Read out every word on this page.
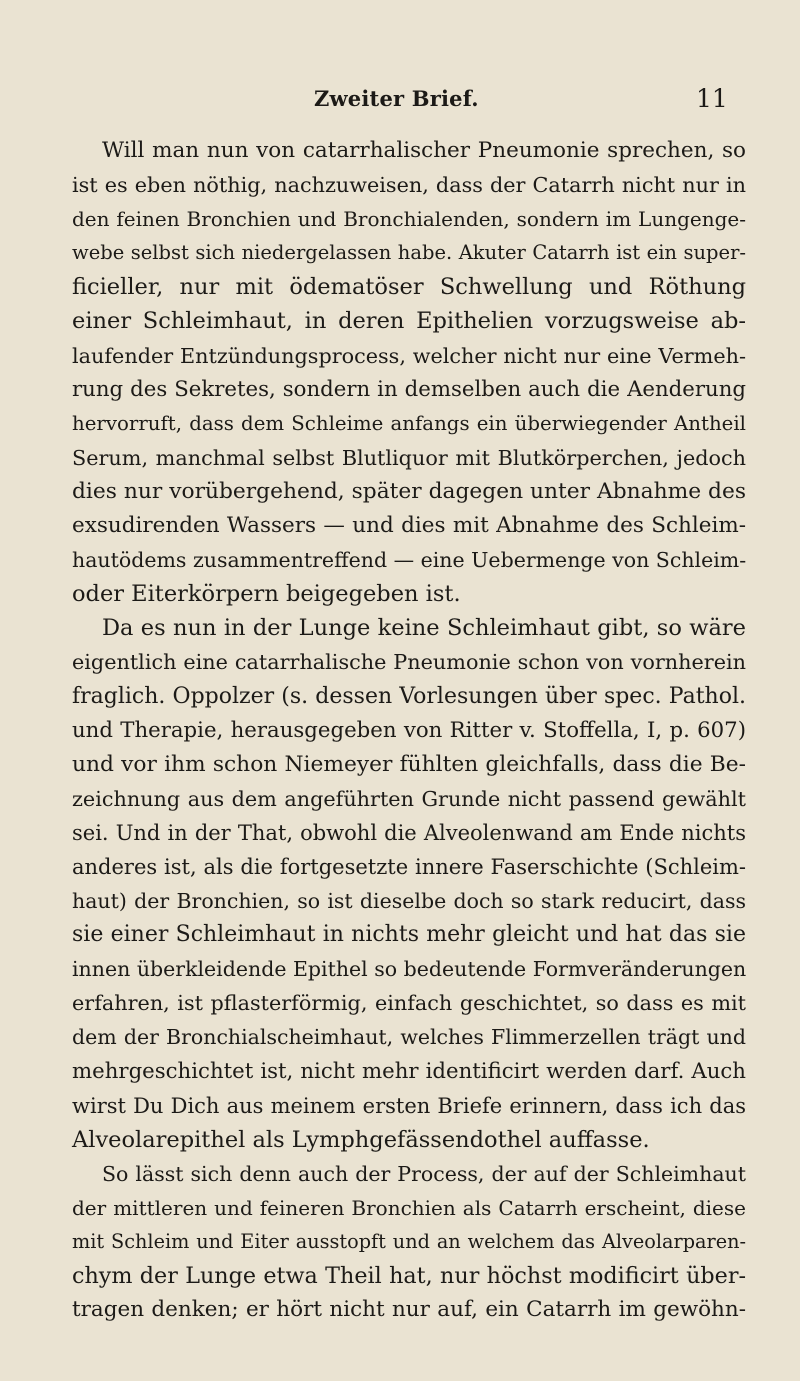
Zweiter Brief.	11
Will man nun von catarrhalischer Pneumonie sprechen, so
ist es eben nöthig, nachzuweisen, dass der Catarrh nicht nur in
den feinen Bronchien und Bronchialenden, sondern im Lungenge-
webe selbst sich niedergelassen habe. Akuter Catarrh ist ein super-
ficieller, nur mit ödematöser Schwellung und Röthung
einer Schleimhaut, in deren Epithelien vorzugsweise ab-
laufender Entzündungsprocess, welcher nicht nur eine Vermeh-
rung des Sekretes, sondern in demselben auch die Aenderung
hervorruft, dass dem Schleime anfangs ein überwiegender Antheil
Serum, manchmal selbst Blutliquor mit Blutkörperchen, jedoch
dies nur vorübergehend, später dagegen unter Abnahme des
exsudirenden Wassers — und dies mit Abnahme des Schleim-
hautödems zusammentreffend — eine Uebermenge von Schleim-
oder Eiterkörpern beigegeben ist.
Da es nun in der Lunge keine Schleimhaut gibt, so wäre
eigentlich eine catarrhalische Pneumonie schon von vornherein
fraglich. Oppolzer (s. dessen Vorlesungen über spec. Pathol.
und Therapie, herausgegeben von Ritter v. Stoffella, I, p. 607)
und vor ihm schon Niemeyer fühlten gleichfalls, dass die Be-
zeichnung aus dem angeführten Grunde nicht passend gewählt
sei. Und in der That, obwohl die Alveolenwand am Ende nichts
anderes ist, als die fortgesetzte innere Faserschichte (Schleim-
haut) der Bronchien, so ist dieselbe doch so stark reducirt, dass
sie einer Schleimhaut in nichts mehr gleicht und hat das sie
innen überkleidende Epithel so bedeutende Formveränderungen
erfahren, ist pflasterförmig, einfach geschichtet, so dass es mit
dem der Bronchialscheimhaut, welches Flimmerzellen trägt und
mehrgeschichtet ist, nicht mehr identificirt werden darf. Auch
wirst Du Dich aus meinem ersten Briefe erinnern, dass ich das
Alveolarepithel als Lymphgefässendothel auffasse.
So lässt sich denn auch der Process, der auf der Schleimhaut
der mittleren und feineren Bronchien als Catarrh erscheint, diese
mit Schleim und Eiter ausstopft und an welchem das Alveolarparen-
chym der Lunge etwa Theil hat, nur höchst modificirt über-
tragen denken; er hört nicht nur auf, ein Catarrh im gewöhn-
